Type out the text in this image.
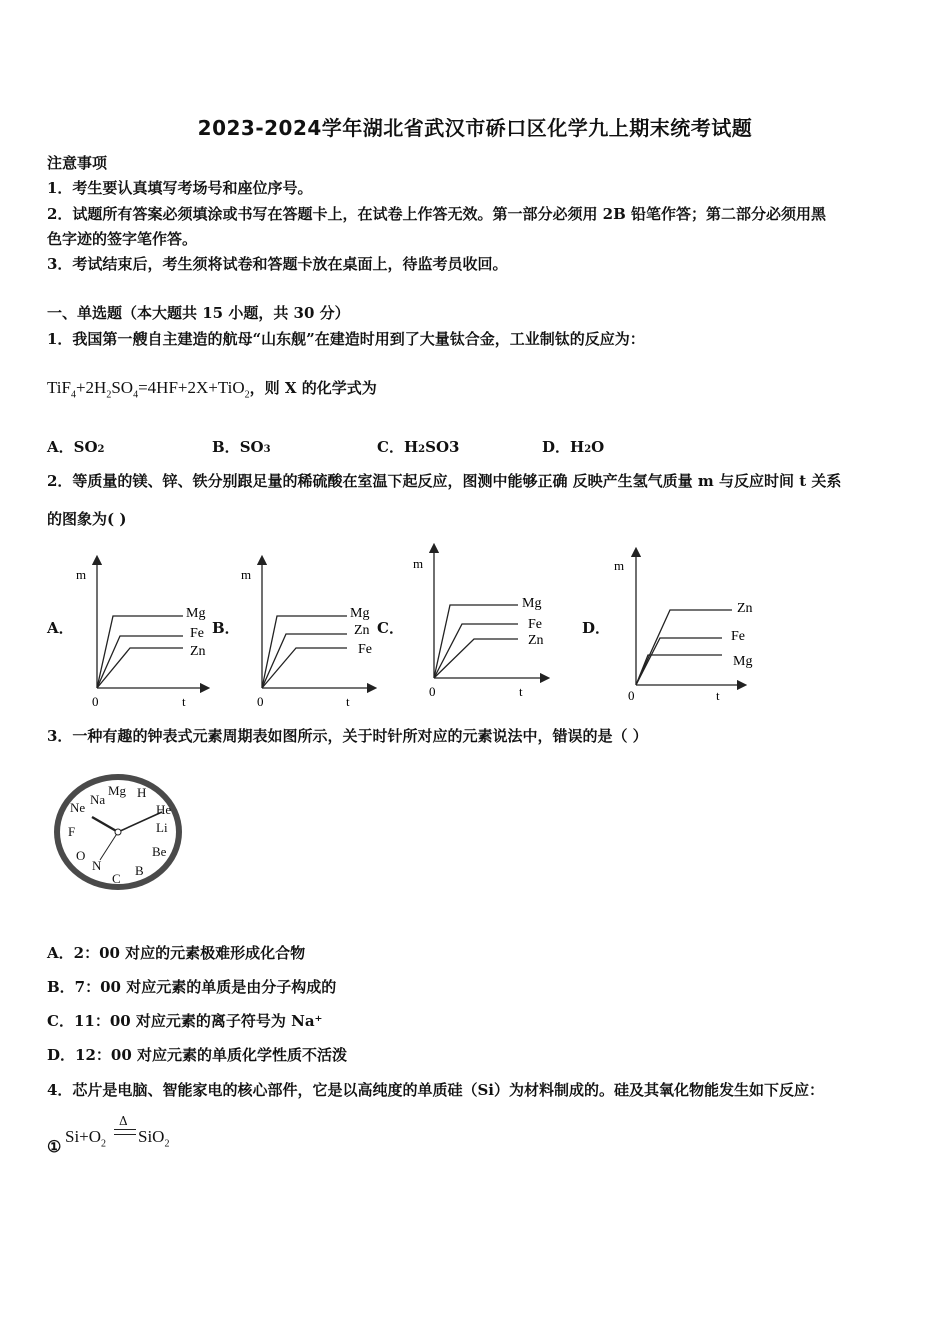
2023-2024学年湖北省武汉市硚口区化学九上期末统考试题
注意事项
1．考生要认真填写考场号和座位序号。
2．试题所有答案必须填涂或书写在答题卡上，在试卷上作答无效。第一部分必须用 2B 铅笔作答；第二部分必须用黑
色字迹的签字笔作答。
3．考试结束后，考生须将试卷和答题卡放在桌面上，待监考员收回。
一、单选题（本大题共 15 小题，共 30 分）
1．我国第一艘自主建造的航母“山东舰”在建造时用到了大量钛合金，工业制钛的反应为：
$TiF_4+2H_2SO_4=4HF+2X+TiO_2$，则 X 的化学式为
A．SO2	B．SO3	C．H2SO3	D．H2O
2．等质量的镁、锌、铁分别跟足量的稀硫酸在室温下起反应，图测中能够正确 反映产生氢气质量 m 与反应时间 t 关系
的图象为( )
A．	B．	C．	D．
m
t
0
Mg
Fe
Zn
m
t
0
Mg
Zn
Fe
m
t
0
Mg
Fe
Zn
m
t
0
Zn
Fe
Mg
3．一种有趣的钟表式元素周期表如图所示，关于时针所对应的元素说法中，错误的是（ ）
H
He
Li
Be
B
C
N
O
F
Ne
Na
Mg
A．2：00 对应的元素极难形成化合物
B．7：00 对应元素的单质是由分子构成的
C．11：00 对应元素的离子符号为 Na⁺
D．12：00 对应元素的单质化学性质不活泼
4．芯片是电脑、智能家电的核心部件，它是以高纯度的单质硅（Si）为材料制成的。硅及其氧化物能发生如下反应：
①
$Si+O_2$
Δ
SiO$_2$
